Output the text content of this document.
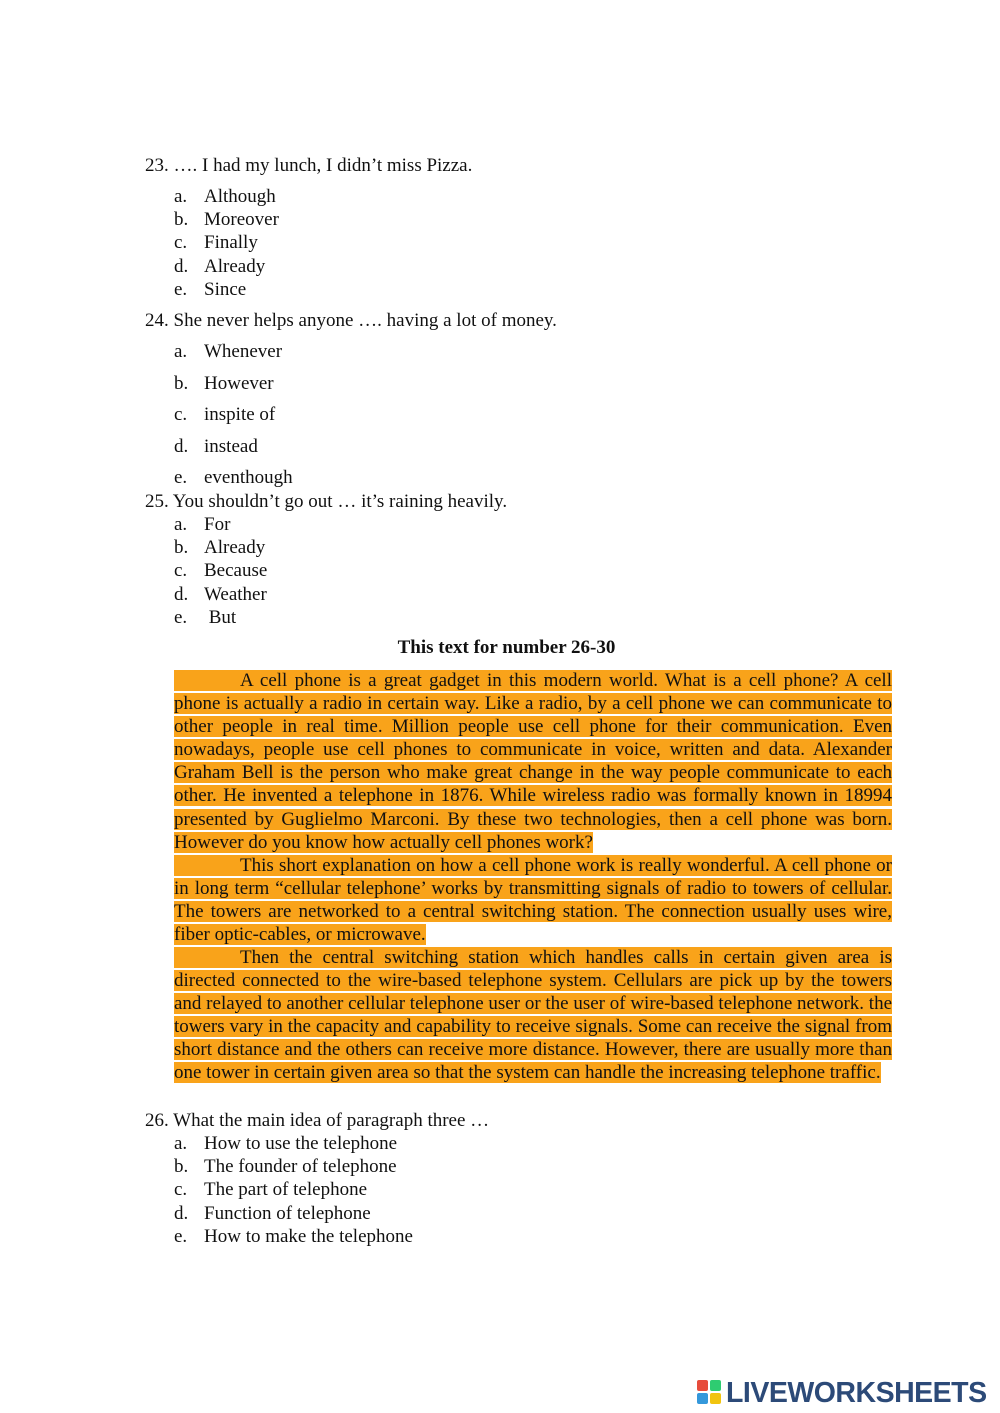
23. …. I had my lunch, I didn’t miss Pizza.
a. Although
b. Moreover
c. Finally
d. Already
e. Since
24. She never helps anyone …. having a lot of money.
a. Whenever
b. However
c. inspite of
d. instead
e. eventhough
25. You shouldn’t go out … it’s raining heavily.
a. For
b. Already
c. Because
d. Weather
e. But
This text for number 26-30

A cell phone is a great gadget in this modern world. What is a cell phone? A cell phone is actually a radio in certain way. Like a radio, by a cell phone we can communicate to other people in real time. Million people use cell phone for their communication. Even nowadays, people use cell phones to communicate in voice, written and data. Alexander Graham Bell is the person who make great change in the way people communicate to each other. He invented a telephone in 1876. While wireless radio was formally known in 18994 presented by Guglielmo Marconi. By these two technologies, then a cell phone was born. However do you know how actually cell phones work?

This short explanation on how a cell phone work is really wonderful. A cell phone or in long term “cellular telephone’ works by transmitting signals of radio to towers of cellular. The towers are networked to a central switching station. The connection usually uses wire, fiber optic-cables, or microwave.

Then the central switching station which handles calls in certain given area is directed connected to the wire-based telephone system. Cellulars are pick up by the towers and relayed to another cellular telephone user or the user of wire-based telephone network. the towers vary in the capacity and capability to receive signals. Some can receive the signal from short distance and the others can receive more distance. However, there are usually more than one tower in certain given area so that the system can handle the increasing telephone traffic.

26. What the main idea of paragraph three …
a. How to use the telephone
b. The founder of telephone
c. The part of telephone
d. Function of telephone
e. How to make the telephone
LIVEWORKSHEETS
